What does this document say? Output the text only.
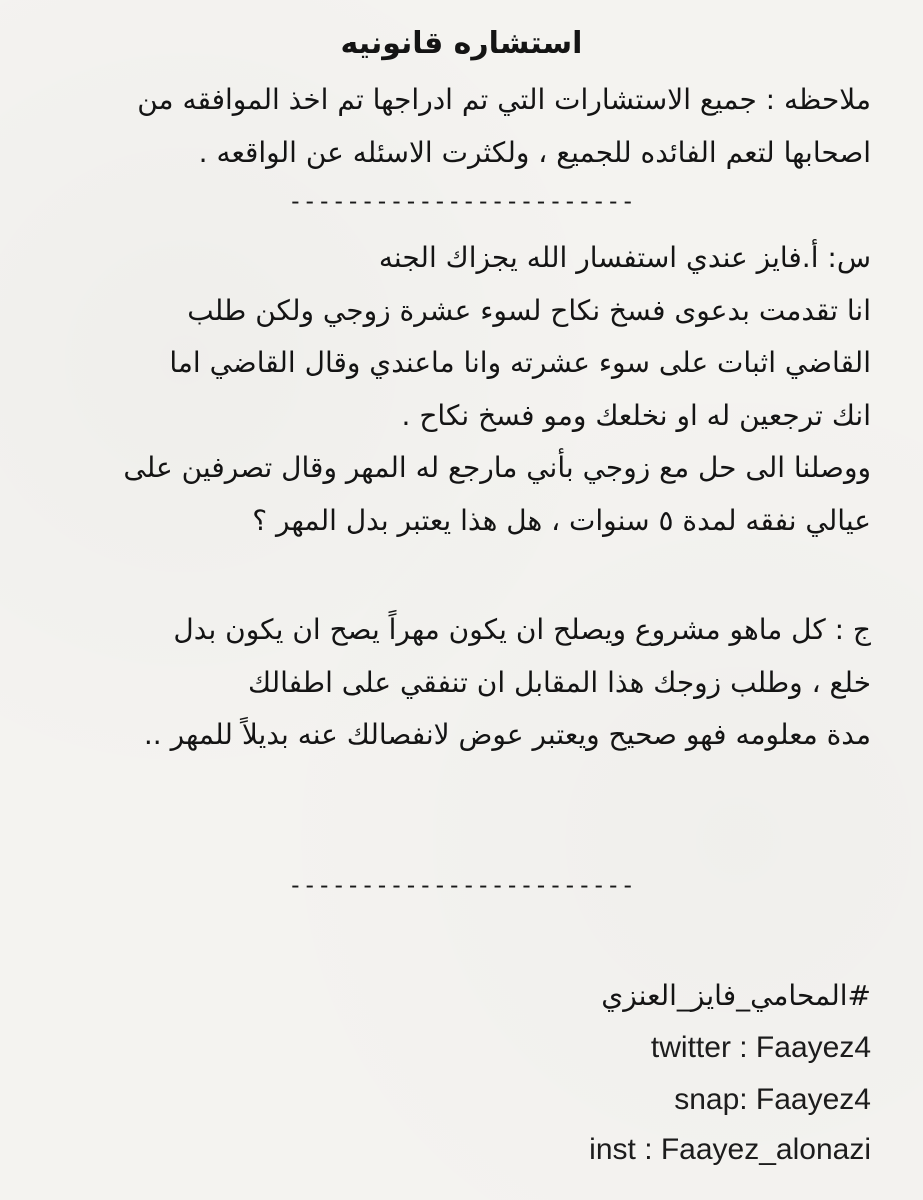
استشاره قانونيه
ملاحظه : جميع الاستشارات التي تم ادراجها تم اخذ الموافقه من
اصحابها لتعم الفائده للجميع ، ولكثرت الاسئله عن الواقعه .
------------------------
س: أ.فايز عندي استفسار الله يجزاك الجنه
انا تقدمت بدعوى فسخ نكاح لسوء عشرة زوجي ولكن طلب
القاضي اثبات على سوء عشرته وانا ماعندي وقال القاضي اما
انك ترجعين له او نخلعك ومو فسخ نكاح .
ووصلنا الى حل مع زوجي بأني مارجع له المهر وقال تصرفين على
عيالي نفقه لمدة ٥ سنوات ، هل هذا يعتبر بدل المهر ؟
ج : كل ماهو مشروع ويصلح ان يكون مهراً يصح ان يكون بدل
خلع ، وطلب زوجك هذا المقابل ان تنفقي على اطفالك
مدة معلومه فهو صحيح ويعتبر عوض لانفصالك عنه بديلاً للمهر ..
------------------------
#المحامي_فايز_العنزي
twitter : Faayez4
snap: Faayez4
inst : Faayez_alonazi
